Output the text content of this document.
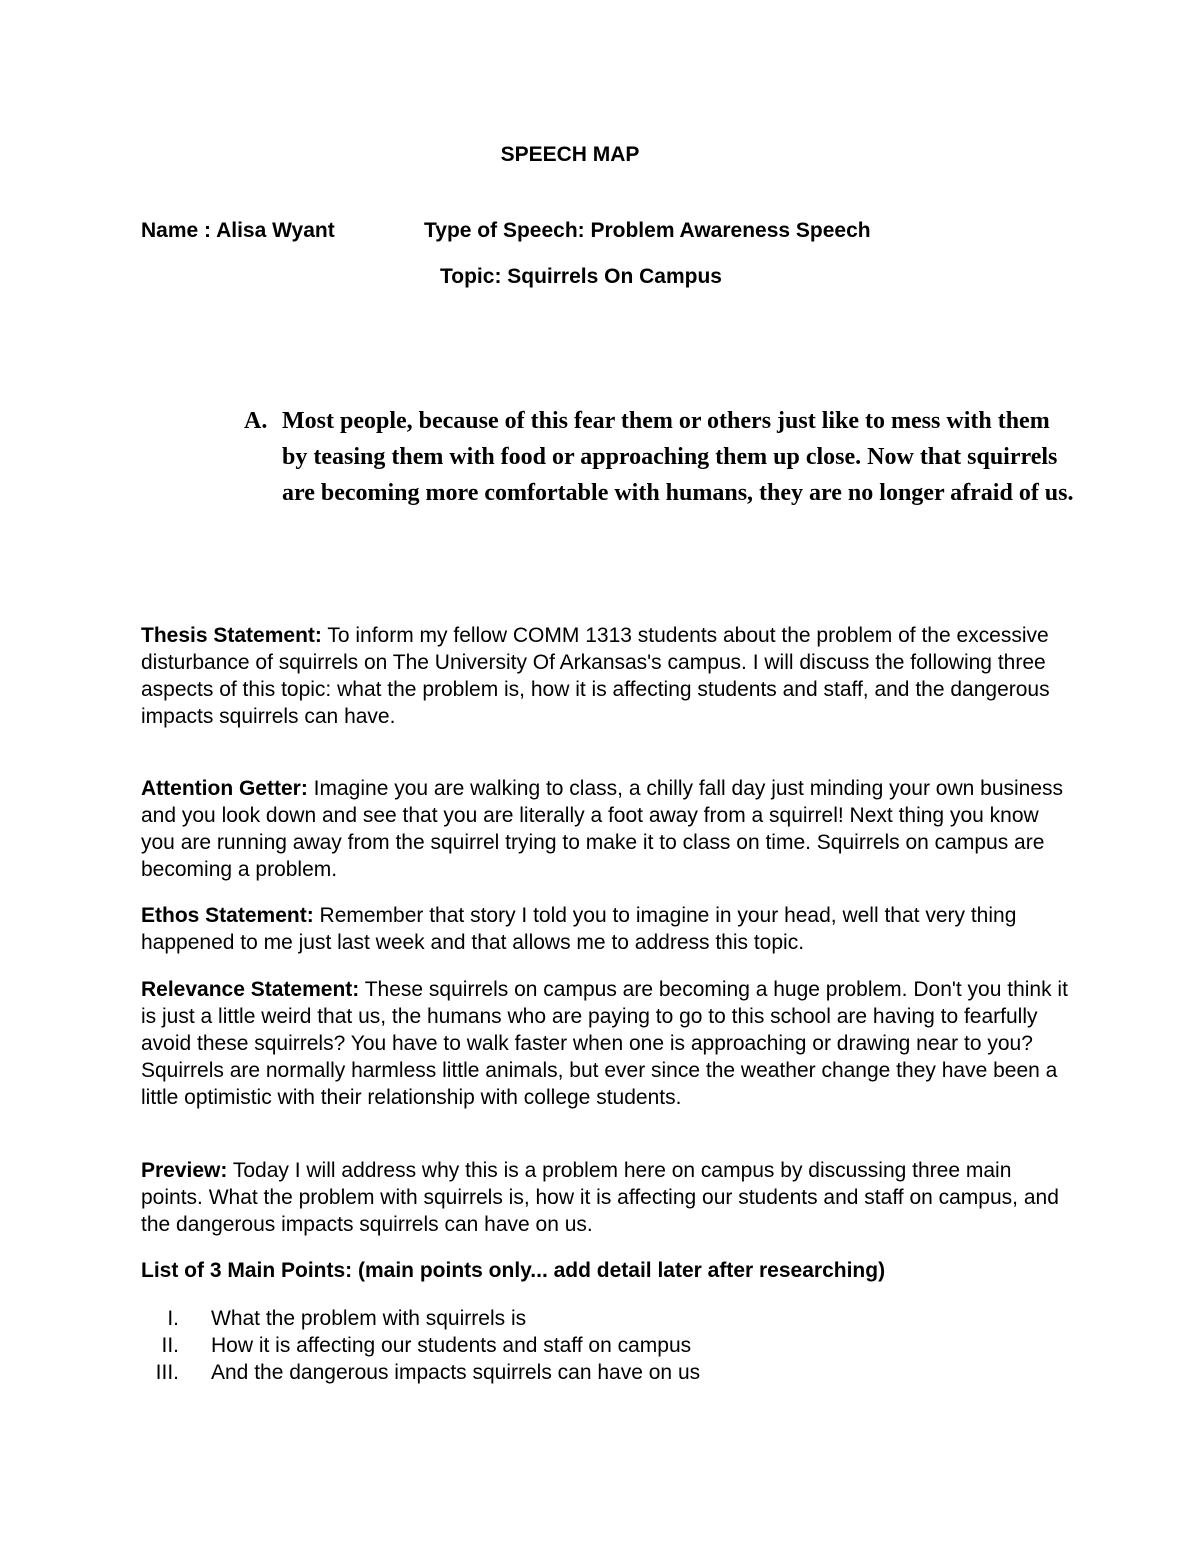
SPEECH MAP
Name : Alisa Wyant	Type of Speech: Problem Awareness Speech
Topic: Squirrels On Campus
A. Most people, because of this fear them or others just like to mess with them by teasing them with food or approaching them up close. Now that squirrels are becoming more comfortable with humans, they are no longer afraid of us.
Thesis Statement: To inform my fellow COMM 1313 students about the problem of the excessive disturbance of squirrels on The University Of Arkansas's campus. I will discuss the following three aspects of this topic: what the problem is, how it is affecting students and staff, and the dangerous impacts squirrels can have.
Attention Getter: Imagine you are walking to class, a chilly fall day just minding your own business and you look down and see that you are literally a foot away from a squirrel! Next thing you know you are running away from the squirrel trying to make it to class on time. Squirrels on campus are becoming a problem.
Ethos Statement: Remember that story I told you to imagine in your head, well that very thing happened to me just last week and that allows me to address this topic.
Relevance Statement: These squirrels on campus are becoming a huge problem. Don't you think it is just a little weird that us, the humans who are paying to go to this school are having to fearfully avoid these squirrels? You have to walk faster when one is approaching or drawing near to you? Squirrels are normally harmless little animals, but ever since the weather change they have been a little optimistic with their relationship with college students.
Preview: Today I will address why this is a problem here on campus by discussing three main points. What the problem with squirrels is, how it is affecting our students and staff on campus, and the dangerous impacts squirrels can have on us.
List of 3 Main Points: (main points only... add detail later after researching)
I. What the problem with squirrels is
II. How it is affecting our students and staff on campus
III. And the dangerous impacts squirrels can have on us
